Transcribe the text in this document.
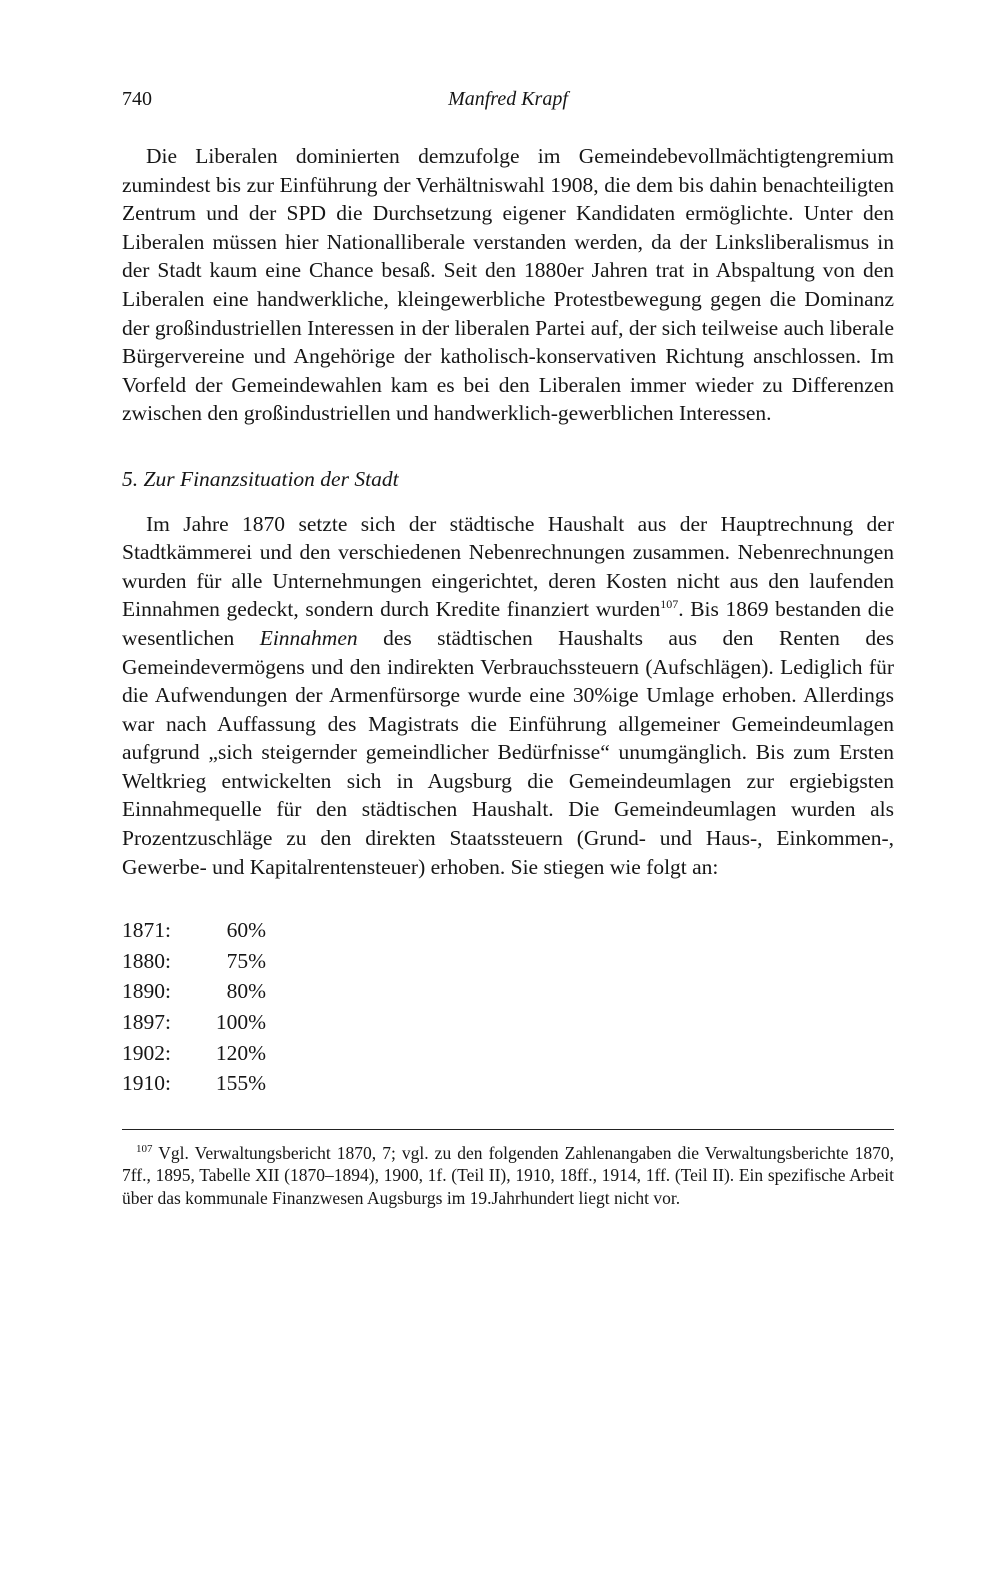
740	Manfred Krapf

Die Liberalen dominierten demzufolge im Gemeindebevollmächtigtengremium zumindest bis zur Einführung der Verhältniswahl 1908, die dem bis dahin benachteiligten Zentrum und der SPD die Durchsetzung eigener Kandidaten ermöglichte. Unter den Liberalen müssen hier Nationalliberale verstanden werden, da der Linksliberalismus in der Stadt kaum eine Chance besaß. Seit den 1880er Jahren trat in Abspaltung von den Liberalen eine handwerkliche, kleingewerbliche Protestbewegung gegen die Dominanz der großindustriellen Interessen in der liberalen Partei auf, der sich teilweise auch liberale Bürgervereine und Angehörige der katholisch-konservativen Richtung anschlossen. Im Vorfeld der Gemeindewahlen kam es bei den Liberalen immer wieder zu Differenzen zwischen den großindustriellen und handwerklich-gewerblichen Interessen.

5. Zur Finanzsituation der Stadt

Im Jahre 1870 setzte sich der städtische Haushalt aus der Hauptrechnung der Stadtkämmerei und den verschiedenen Nebenrechnungen zusammen. Nebenrechnungen wurden für alle Unternehmungen eingerichtet, deren Kosten nicht aus den laufenden Einnahmen gedeckt, sondern durch Kredite finanziert wurden$^{107}$. Bis 1869 bestanden die wesentlichen Einnahmen des städtischen Haushalts aus den Renten des Gemeindevermögens und den indirekten Verbrauchssteuern (Aufschlägen). Lediglich für die Aufwendungen der Armenfürsorge wurde eine 30%ige Umlage erhoben. Allerdings war nach Auffassung des Magistrats die Einführung allgemeiner Gemeindeumlagen aufgrund „sich steigernder gemeindlicher Bedürfnisse“ unumgänglich. Bis zum Ersten Weltkrieg entwickelten sich in Augsburg die Gemeindeumlagen zur ergiebigsten Einnahmequelle für den städtischen Haushalt. Die Gemeindeumlagen wurden als Prozentzuschläge zu den direkten Staatssteuern (Grund- und Haus-, Einkommen-, Gewerbe- und Kapitalrentensteuer) erhoben. Sie stiegen wie folgt an:

1871:	60%
1880:	75%
1890:	80%
1897:	100%
1902:	120%
1910:	155%

$^{107}$ Vgl. Verwaltungsbericht 1870, 7; vgl. zu den folgenden Zahlenangaben die Verwaltungsberichte 1870, 7ff., 1895, Tabelle XII (1870–1894), 1900, 1f. (Teil II), 1910, 18ff., 1914, 1ff. (Teil II). Ein spezifische Arbeit über das kommunale Finanzwesen Augsburgs im 19.Jahrhundert liegt nicht vor.
